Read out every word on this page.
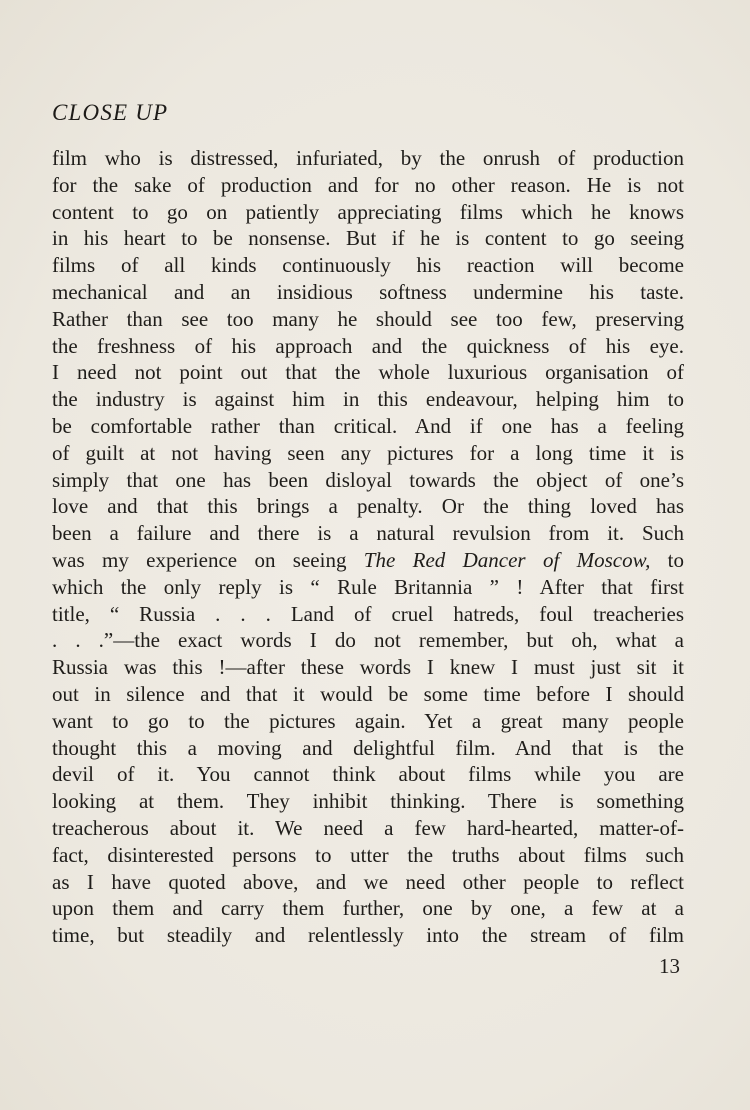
CLOSE UP
film who is distressed, infuriated, by the onrush of production
for the sake of production and for no other reason. He is not
content to go on patiently appreciating films which he knows
in his heart to be nonsense. But if he is content to go seeing
films of all kinds continuously his reaction will become
mechanical and an insidious softness undermine his taste.
Rather than see too many he should see too few, preserving
the freshness of his approach and the quickness of his eye.
I need not point out that the whole luxurious organisation of
the industry is against him in this endeavour, helping him to
be comfortable rather than critical. And if one has a feeling
of guilt at not having seen any pictures for a long time it is
simply that one has been disloyal towards the object of one’s
love and that this brings a penalty. Or the thing loved has
been a failure and there is a natural revulsion from it. Such
was my experience on seeing The Red Dancer of Moscow, to
which the only reply is “ Rule Britannia ” ! After that first
title, “ Russia . . . Land of cruel hatreds, foul treacheries
. . .”—the exact words I do not remember, but oh, what a
Russia was this !—after these words I knew I must just sit it
out in silence and that it would be some time before I should
want to go to the pictures again. Yet a great many people
thought this a moving and delightful film. And that is the
devil of it. You cannot think about films while you are
looking at them. They inhibit thinking. There is something
treacherous about it. We need a few hard-hearted, matter-of-
fact, disinterested persons to utter the truths about films such
as I have quoted above, and we need other people to reflect
upon them and carry them further, one by one, a few at a
time, but steadily and relentlessly into the stream of film

13
